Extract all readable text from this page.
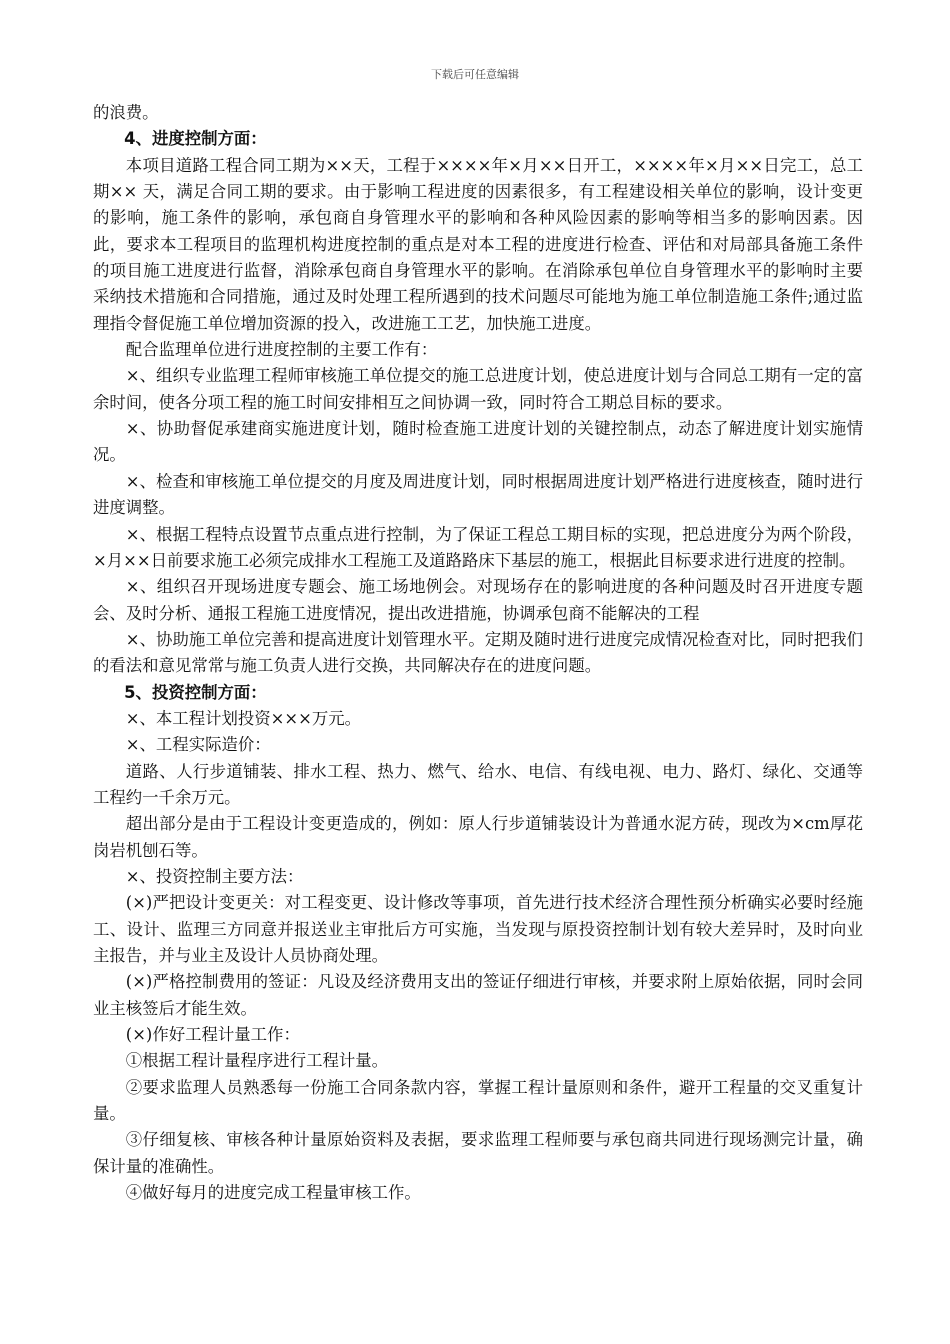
下载后可任意编辑

的浪费。

4、进度控制方面：

本项目道路工程合同工期为××天，工程于××××年×月××日开工，××××年×月××日完工，总工期×× 天，满足合同工期的要求。由于影响工程进度的因素很多，有工程建设相关单位的影响，设计变更的影响，施工条件的影响，承包商自身管理水平的影响和各种风险因素的影响等相当多的影响因素。因此，要求本工程项目的监理机构进度控制的重点是对本工程的进度进行检查、评估和对局部具备施工条件的项目施工进度进行监督，消除承包商自身管理水平的影响。在消除承包单位自身管理水平的影响时主要采纳技术措施和合同措施，通过及时处理工程所遇到的技术问题尽可能地为施工单位制造施工条件;通过监理指令督促施工单位增加资源的投入，改进施工工艺，加快施工进度。

配合监理单位进行进度控制的主要工作有：

×、组织专业监理工程师审核施工单位提交的施工总进度计划，使总进度计划与合同总工期有一定的富余时间，使各分项工程的施工时间安排相互之间协调一致，同时符合工期总目标的要求。

×、协助督促承建商实施进度计划，随时检查施工进度计划的关键控制点，动态了解进度计划实施情况。

×、检查和审核施工单位提交的月度及周进度计划，同时根据周进度计划严格进行进度核查，随时进行进度调整。

×、根据工程特点设置节点重点进行控制，为了保证工程总工期目标的实现，把总进度分为两个阶段，×月××日前要求施工必须完成排水工程施工及道路路床下基层的施工，根据此目标要求进行进度的控制。

×、组织召开现场进度专题会、施工场地例会。对现场存在的影响进度的各种问题及时召开进度专题会、及时分析、通报工程施工进度情况，提出改进措施，协调承包商不能解决的工程

×、协助施工单位完善和提高进度计划管理水平。定期及随时进行进度完成情况检查对比，同时把我们的看法和意见常常与施工负责人进行交换，共同解决存在的进度问题。

5、投资控制方面：

×、本工程计划投资×××万元。

×、工程实际造价：

道路、人行步道铺装、排水工程、热力、燃气、给水、电信、有线电视、电力、路灯、绿化、交通等工程约一千余万元。

超出部分是由于工程设计变更造成的，例如：原人行步道铺装设计为普通水泥方砖，现改为×cm厚花岗岩机刨石等。

×、投资控制主要方法：

(×)严把设计变更关：对工程变更、设计修改等事项，首先进行技术经济合理性预分析确实必要时经施工、设计、监理三方同意并报送业主审批后方可实施，当发现与原投资控制计划有较大差异时，及时向业主报告，并与业主及设计人员协商处理。

(×)严格控制费用的签证：凡设及经济费用支出的签证仔细进行审核，并要求附上原始依据，同时会同业主核签后才能生效。

(×)作好工程计量工作：

①根据工程计量程序进行工程计量。

②要求监理人员熟悉每一份施工合同条款内容，掌握工程计量原则和条件，避开工程量的交叉重复计量。

③仔细复核、审核各种计量原始资料及表据，要求监理工程师要与承包商共同进行现场测完计量，确保计量的准确性。

④做好每月的进度完成工程量审核工作。
